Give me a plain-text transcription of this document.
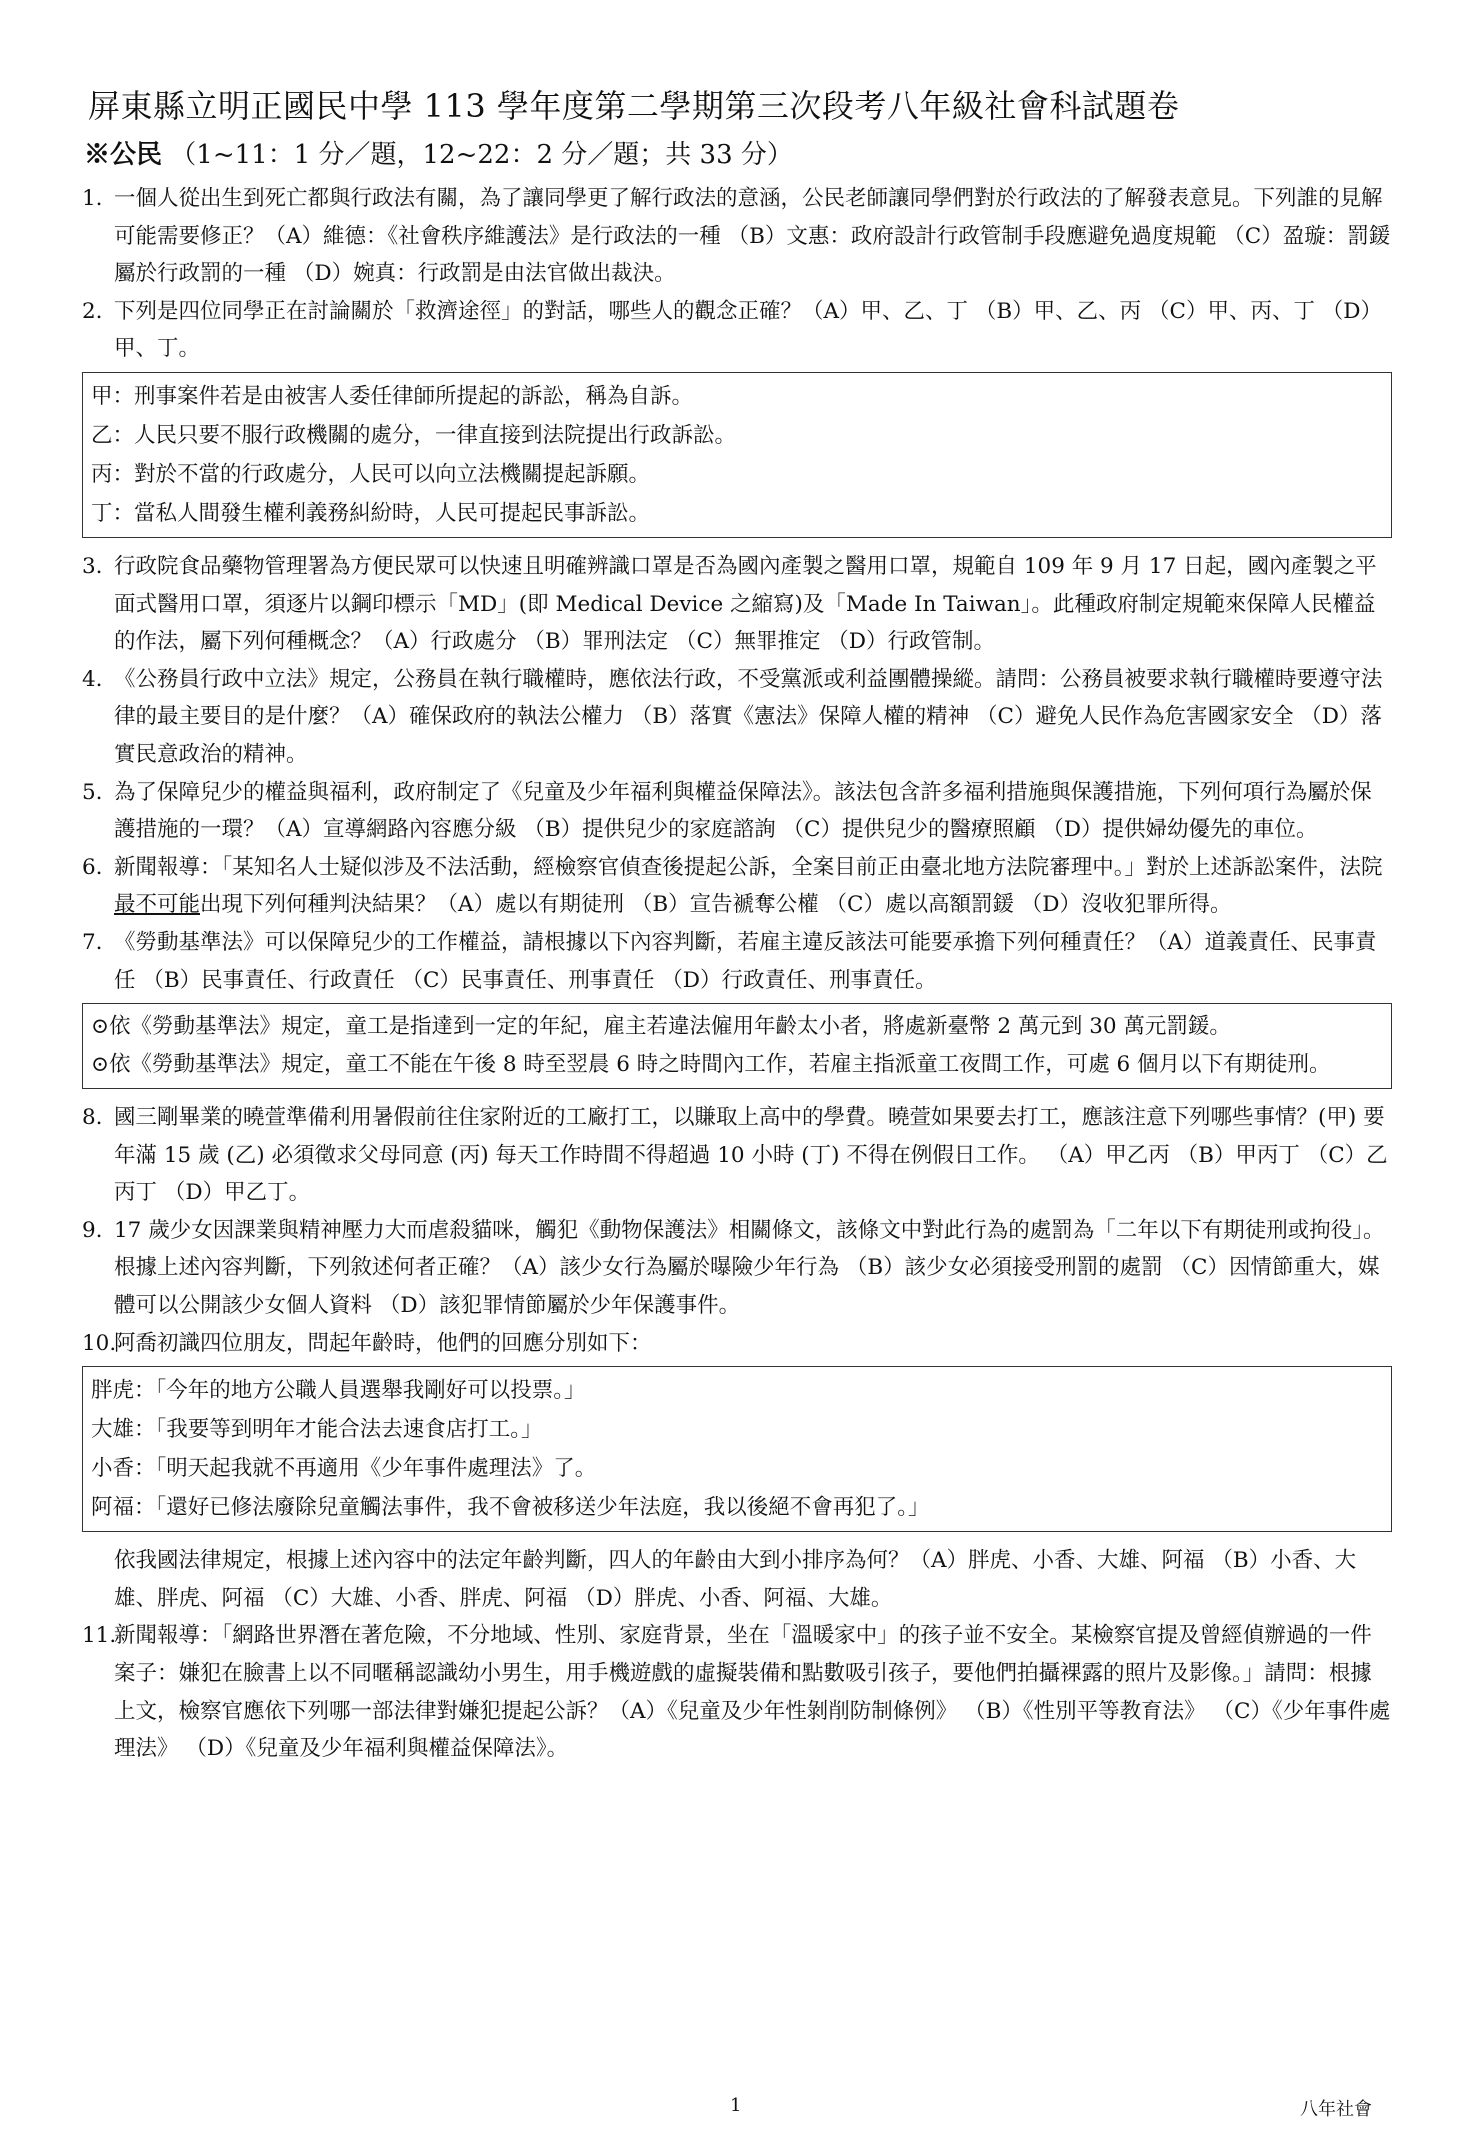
屏東縣立明正國民中學 113 學年度第二學期第三次段考八年級社會科試題卷
※公民 （1~11：1 分／題，12~22：2 分／題；共 33 分）

1. 一個人從出生到死亡都與行政法有關，為了讓同學更了解行政法的意涵，公民老師讓同學們對於行政法的了解發表意見。下列誰的見解可能需要修正？（A）維德：《社會秩序維護法》是行政法的一種 （B）文惠：政府設計行政管制手段應避免過度規範 （C）盈璇：罰鍰屬於行政罰的一種 （D）婉真：行政罰是由法官做出裁決。

2. 下列是四位同學正在討論關於「救濟途徑」的對話，哪些人的觀念正確？（A）甲、乙、丁 （B）甲、乙、丙 （C）甲、丙、丁 （D）甲、丁。

甲：刑事案件若是由被害人委任律師所提起的訴訟，稱為自訴。

乙：人民只要不服行政機關的處分，一律直接到法院提出行政訴訟。

丙：對於不當的行政處分，人民可以向立法機關提起訴願。

丁：當私人間發生權利義務糾紛時，人民可提起民事訴訟。

3. 行政院食品藥物管理署為方便民眾可以快速且明確辨識口罩是否為國內產製之醫用口罩，規範自 109 年 9 月 17 日起，國內產製之平面式醫用口罩，須逐片以鋼印標示「MD」(即 Medical Device 之縮寫)及「Made In Taiwan」。此種政府制定規範來保障人民權益的作法，屬下列何種概念？（A）行政處分 （B）罪刑法定 （C）無罪推定 （D）行政管制。

4. 《公務員行政中立法》規定，公務員在執行職權時，應依法行政，不受黨派或利益團體操縱。請問：公務員被要求執行職權時要遵守法律的最主要目的是什麼？（A）確保政府的執法公權力 （B）落實《憲法》保障人權的精神 （C）避免人民作為危害國家安全 （D）落實民意政治的精神。

5. 為了保障兒少的權益與福利，政府制定了《兒童及少年福利與權益保障法》。該法包含許多福利措施與保護措施，下列何項行為屬於保護措施的一環？（A）宣導網路內容應分級 （B）提供兒少的家庭諮詢 （C）提供兒少的醫療照顧 （D）提供婦幼優先的車位。

6. 新聞報導：「某知名人士疑似涉及不法活動，經檢察官偵查後提起公訴，全案目前正由臺北地方法院審理中。」對於上述訴訟案件，法院最不可能出現下列何種判決結果？（A）處以有期徒刑 （B）宣告褫奪公權 （C）處以高額罰鍰 （D）沒收犯罪所得。

7. 《勞動基準法》可以保障兒少的工作權益，請根據以下內容判斷，若雇主違反該法可能要承擔下列何種責任？（A）道義責任、民事責任 （B）民事責任、行政責任 （C）民事責任、刑事責任 （D）行政責任、刑事責任。

⊙依《勞動基準法》規定，童工是指達到一定的年紀，雇主若違法僱用年齡太小者，將處新臺幣 2 萬元到 30 萬元罰鍰。

⊙依《勞動基準法》規定，童工不能在午後 8 時至翌晨 6 時之時間內工作，若雇主指派童工夜間工作，可處 6 個月以下有期徒刑。

8. 國三剛畢業的曉萱準備利用暑假前往住家附近的工廠打工，以賺取上高中的學費。曉萱如果要去打工，應該注意下列哪些事情？(甲) 要年滿 15 歲 (乙) 必須徵求父母同意 (丙) 每天工作時間不得超過 10 小時 (丁) 不得在例假日工作。 （A）甲乙丙 （B）甲丙丁 （C）乙丙丁 （D）甲乙丁。

9. 17 歲少女因課業與精神壓力大而虐殺貓咪，觸犯《動物保護法》相關條文，該條文中對此行為的處罰為「二年以下有期徒刑或拘役」。根據上述內容判斷，下列敘述何者正確？（A）該少女行為屬於曝險少年行為 （B）該少女必須接受刑罰的處罰 （C）因情節重大，媒體可以公開該少女個人資料 （D）該犯罪情節屬於少年保護事件。

10.
阿喬初識四位朋友，問起年齡時，他們的回應分別如下：

胖虎：「今年的地方公職人員選舉我剛好可以投票。」

大雄：「我要等到明年才能合法去速食店打工。」

小香：「明天起我就不再適用《少年事件處理法》了。

阿福：「還好已修法廢除兒童觸法事件，我不會被移送少年法庭，我以後絕不會再犯了。」

依我國法律規定，根據上述內容中的法定年齡判斷，四人的年齡由大到小排序為何？（A）胖虎、小香、大雄、阿福 （B）小香、大雄、胖虎、阿福 （C）大雄、小香、胖虎、阿福 （D）胖虎、小香、阿福、大雄。

11.
新聞報導：「網路世界潛在著危險，不分地域、性別、家庭背景，坐在「溫暖家中」的孩子並不安全。某檢察官提及曾經偵辦過的一件案子：嫌犯在臉書上以不同暱稱認識幼小男生，用手機遊戲的虛擬裝備和點數吸引孩子，要他們拍攝裸露的照片及影像。」請問：根據上文，檢察官應依下列哪一部法律對嫌犯提起公訴？（A）《兒童及少年性剝削防制條例》 （B）《性別平等教育法》 （C）《少年事件處理法》 （D）《兒童及少年福利與權益保障法》。

1	八年社會
